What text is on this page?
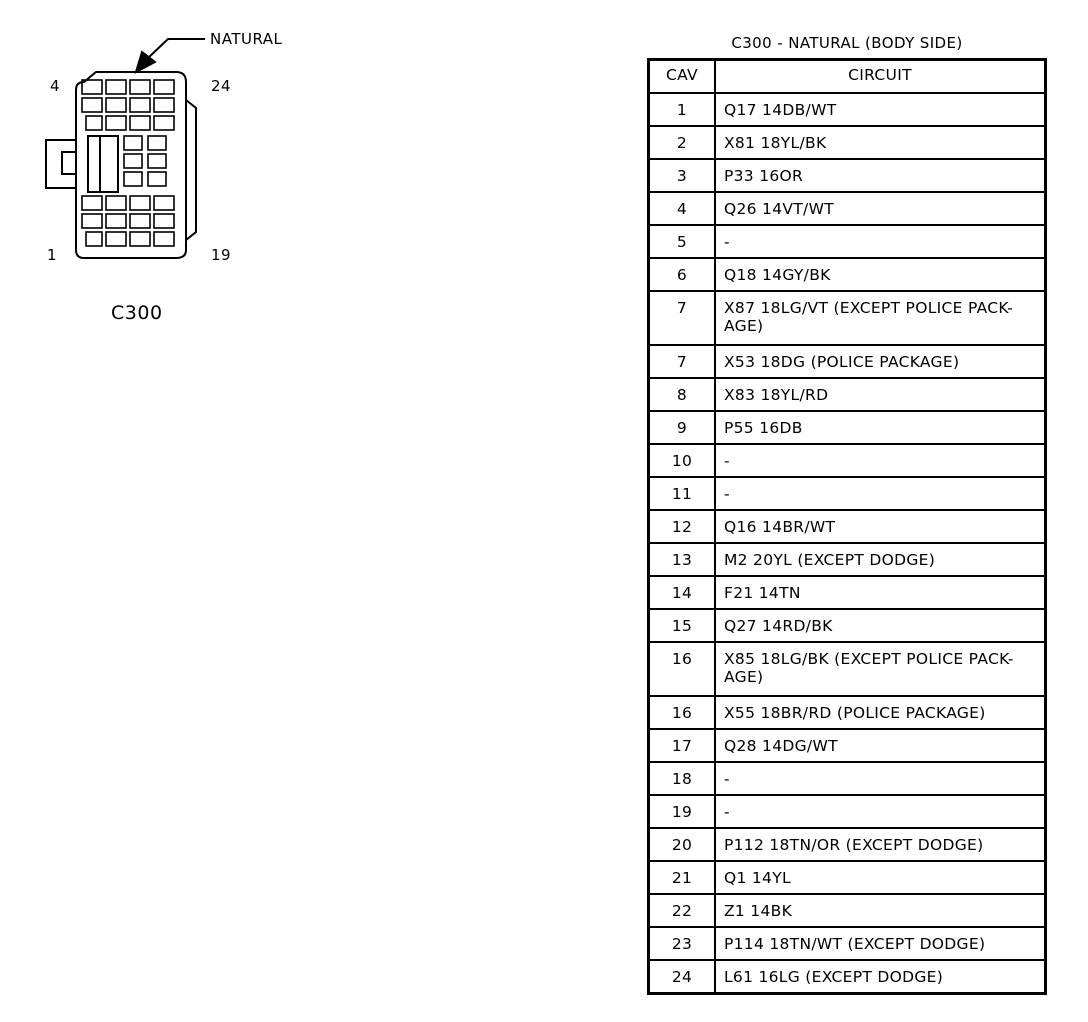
NATURAL
4	24
1	19
C300
C300 - NATURAL (BODY SIDE)
CAV	CIRCUIT
1	Q17 14DB/WT
2	X81 18YL/BK
3	P33 16OR
4	Q26 14VT/WT
5	-
6	Q18 14GY/BK
7	X87 18LG/VT (EXCEPT POLICE PACK-AGE)
7	X53 18DG (POLICE PACKAGE)
8	X83 18YL/RD
9	P55 16DB
10	-
11	-
12	Q16 14BR/WT
13	M2 20YL (EXCEPT DODGE)
14	F21 14TN
15	Q27 14RD/BK
16	X85 18LG/BK (EXCEPT POLICE PACK-AGE)
16	X55 18BR/RD (POLICE PACKAGE)
17	Q28 14DG/WT
18	-
19	-
20	P112 18TN/OR (EXCEPT DODGE)
21	Q1 14YL
22	Z1 14BK
23	P114 18TN/WT (EXCEPT DODGE)
24	L61 16LG (EXCEPT DODGE)
